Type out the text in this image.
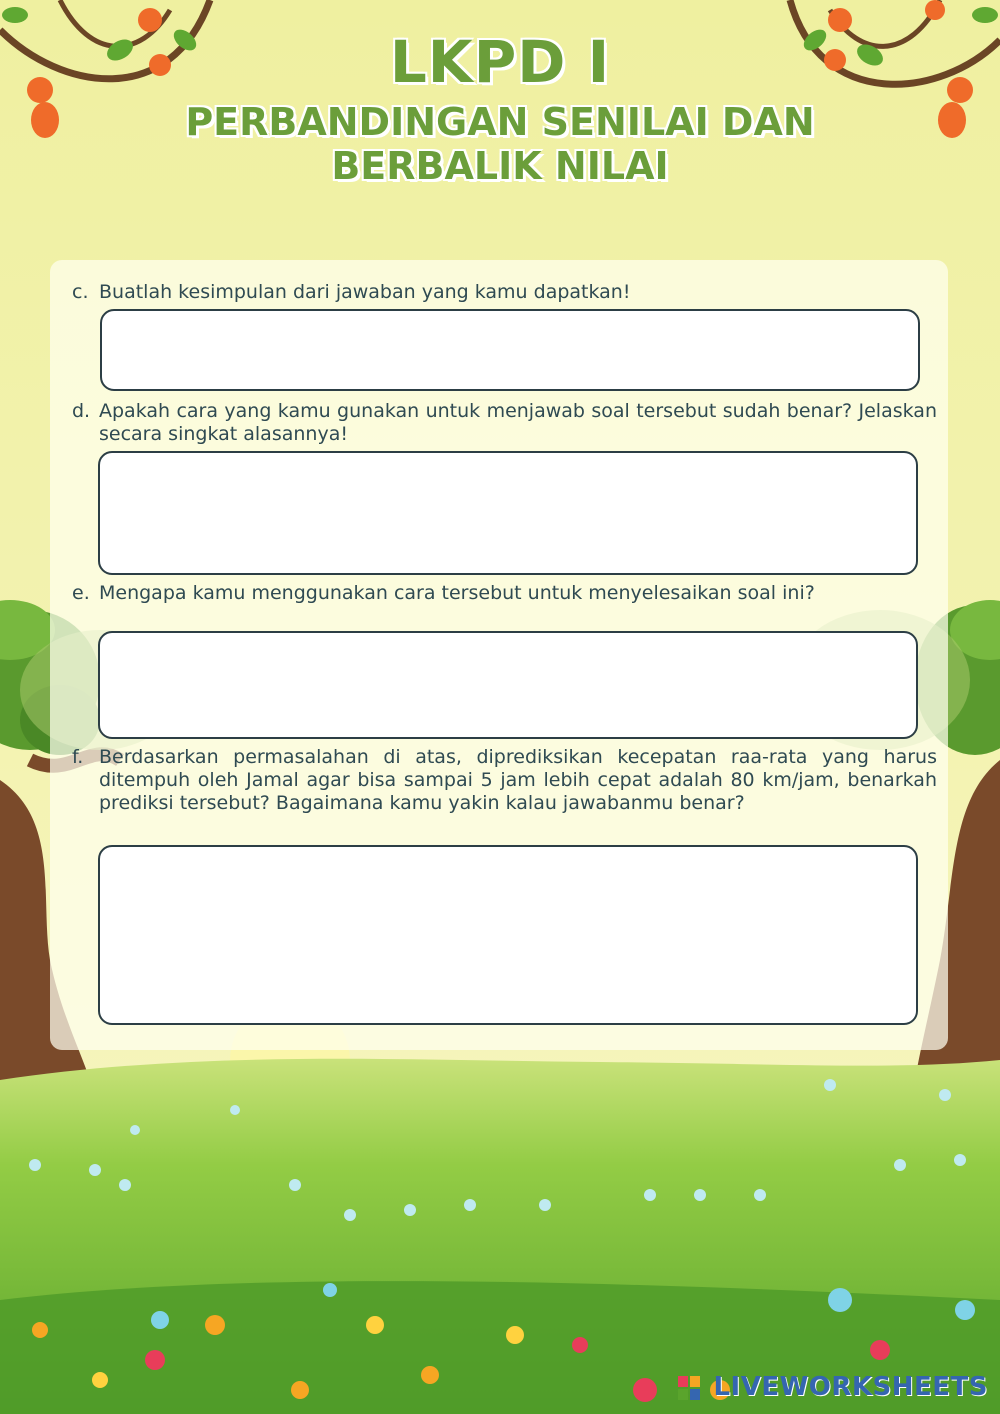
LKPD I
PERBANDINGAN SENILAI DAN
BERBALIK NILAI

c. Buatlah kesimpulan dari jawaban yang kamu dapatkan!

d. Apakah cara yang kamu gunakan untuk menjawab soal tersebut sudah benar? Jelaskan secara singkat alasannya!

e. Mengapa kamu menggunakan cara tersebut untuk menyelesaikan soal ini?

f. Berdasarkan permasalahan di atas, diprediksikan kecepatan raa-rata yang harus ditempuh oleh Jamal agar bisa sampai 5 jam lebih cepat adalah 80 km/jam, benarkah prediksi tersebut? Bagaimana kamu yakin kalau jawabanmu benar?

LIVEWORKSHEETS
